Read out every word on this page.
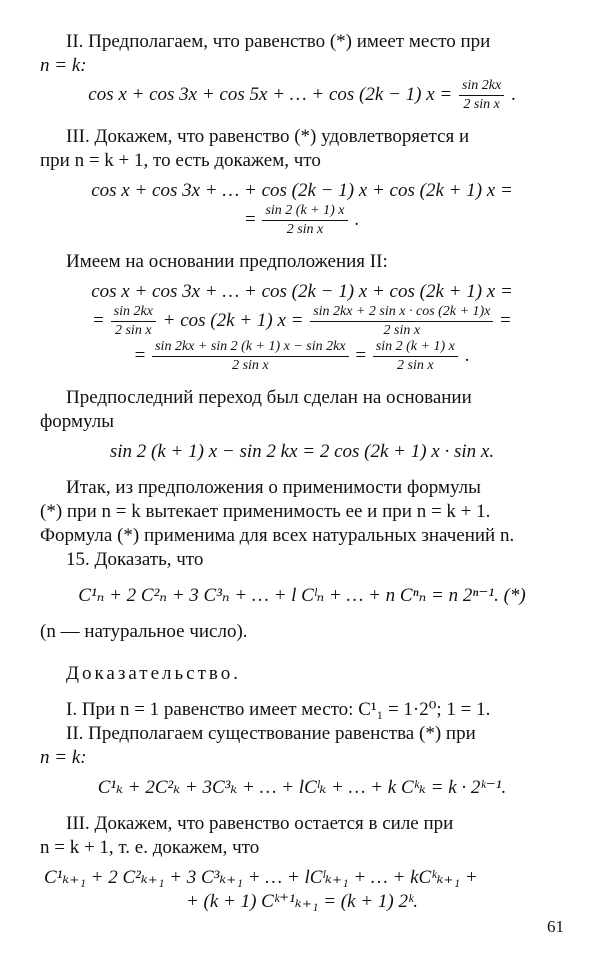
II. Предполагаем, что равенство (*) имеет место при

n = k:

cos x + cos 3x + cos 5x + … + cos (2k − 1) $x = \frac{\sin 2kx}{\text{2 sin x}}$ .

III. Докажем, что равенство (*) удовлетворяется и

при n = k + 1, то есть докажем, что

cos x + cos 3x + … + cos (2k − 1) x + cos (2k + 1) x =

= $\frac{\sin 2 (k + 1) x}{\text{2 sin x}}$ .

Имеем на основании предположения II:

cos x + cos 3x + … + cos (2k − 1) x + cos (2k + 1) x =

= $\frac{\sin 2kx}{\text{2 sin x}} + \cos (2k + 1) x = \frac{\text{sin 2kx + 2 sin x · cos (2k + 1)x}}{\text{2 sin x}}$ =

= $\frac{\sin 2kx + \sin 2 (k + 1) x - \sin 2kx}{\text{2 sin x}} = \frac{\sin 2 (k + 1) x}{\text{2 sin x}}$ .

Предпоследний переход был сделан на основании

формулы

sin 2 (k + 1) x − sin 2 kx = 2 cos (2k + 1) x · sin x.

Итак, из предположения о применимости формулы

(*) при n = k вытекает применимость ее и при n = k + 1.

Формула (*) применима для всех натуральных значений n.

15. Доказать, что

C¹ₙ + 2 C²ₙ + 3 C³ₙ + … + l Cˡₙ + … + n Cⁿₙ = n 2ⁿ⁻¹. (*)

(n — натуральное число).

Доказательство.

I. При n = 1 равенство имеет место: C¹₁ = 1·2⁰; 1 = 1.

II. Предполагаем существование равенства (*) при

n = k:

C¹ₖ + 2C²ₖ + 3C³ₖ + … + lCˡₖ + … + k Cᵏₖ = k · 2ᵏ⁻¹.

III. Докажем, что равенство остается в силе при

n = k + 1, т. е. докажем, что

C¹ₖ₊₁ + 2 C²ₖ₊₁ + 3 C³ₖ₊₁ + … + lCˡₖ₊₁ + … + kCᵏₖ₊₁ +

+ (k + 1) Cᵏ⁺¹ₖ₊₁ = (k + 1) 2ᵏ.

61
